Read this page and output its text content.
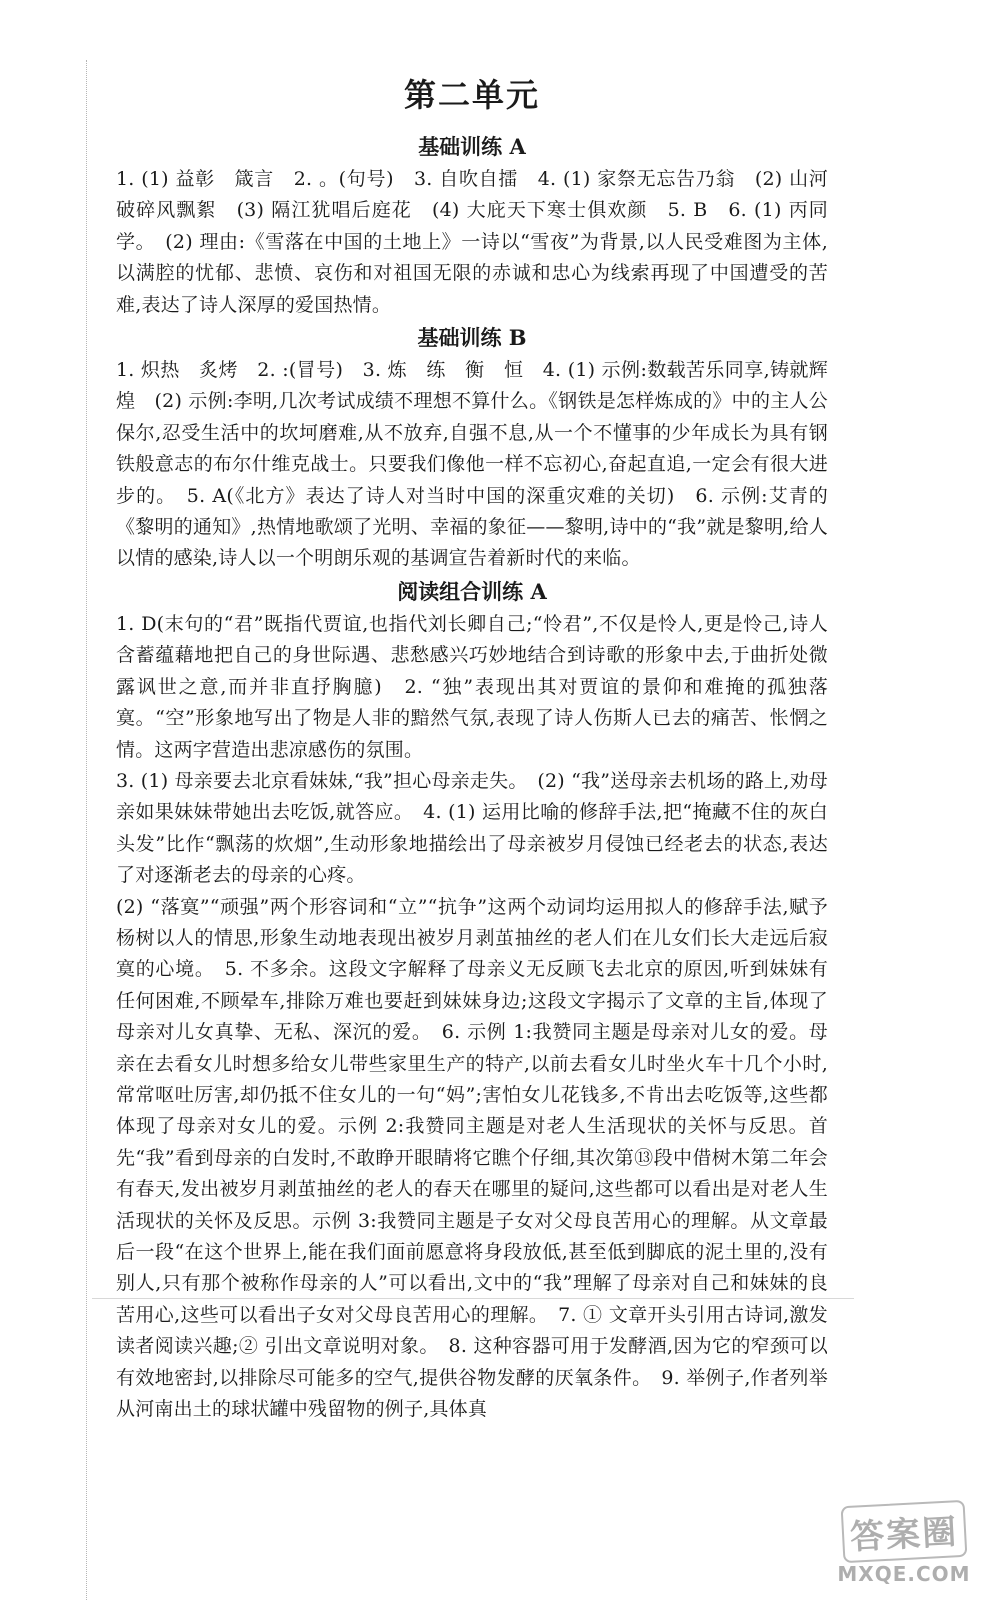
第二单元
基础训练 A

1. (1) 益彰　箴言　2. 。(句号)　3. 自吹自擂　4. (1) 家祭无忘告乃翁　(2) 山河破碎风飘絮　(3) 隔江犹唱后庭花　(4) 大庇天下寒士俱欢颜　5. B　6. (1) 丙同学。　(2) 理由:《雪落在中国的土地上》一诗以“雪夜”为背景,以人民受难图为主体,以满腔的忧郁、悲愤、哀伤和对祖国无限的赤诚和忠心为线索再现了中国遭受的苦难,表达了诗人深厚的爱国热情。

基础训练 B

1. 炽热　炙烤　2. :(冒号)　3. 炼　练　衡　恒　4. (1) 示例:数载苦乐同享,铸就辉煌　(2) 示例:李明,几次考试成绩不理想不算什么。《钢铁是怎样炼成的》中的主人公保尔,忍受生活中的坎坷磨难,从不放弃,自强不息,从一个不懂事的少年成长为具有钢铁般意志的布尔什维克战士。只要我们像他一样不忘初心,奋起直追,一定会有很大进步的。　5. A(《北方》表达了诗人对当时中国的深重灾难的关切)　6. 示例:艾青的《黎明的通知》,热情地歌颂了光明、幸福的象征——黎明,诗中的“我”就是黎明,给人以情的感染,诗人以一个明朗乐观的基调宣告着新时代的来临。

阅读组合训练 A

1. D(末句的“君”既指代贾谊,也指代刘长卿自己;“怜君”,不仅是怜人,更是怜己,诗人含蓄蕴藉地把自己的身世际遇、悲愁感兴巧妙地结合到诗歌的形象中去,于曲折处微露讽世之意,而并非直抒胸臆)　2. “独”表现出其对贾谊的景仰和难掩的孤独落寞。“空”形象地写出了物是人非的黯然气氛,表现了诗人伤斯人已去的痛苦、怅惘之情。这两字营造出悲凉感伤的氛围。

3. (1) 母亲要去北京看妹妹,“我”担心母亲走失。　(2) “我”送母亲去机场的路上,劝母亲如果妹妹带她出去吃饭,就答应。　4. (1) 运用比喻的修辞手法,把“掩藏不住的灰白头发”比作“飘荡的炊烟”,生动形象地描绘出了母亲被岁月侵蚀已经老去的状态,表达了对逐渐老去的母亲的心疼。

(2) “落寞”“顽强”两个形容词和“立”“抗争”这两个动词均运用拟人的修辞手法,赋予杨树以人的情思,形象生动地表现出被岁月剥茧抽丝的老人们在儿女们长大走远后寂寞的心境。　5. 不多余。这段文字解释了母亲义无反顾飞去北京的原因,听到妹妹有任何困难,不顾晕车,排除万难也要赶到妹妹身边;这段文字揭示了文章的主旨,体现了母亲对儿女真挚、无私、深沉的爱。　6. 示例 1:我赞同主题是母亲对儿女的爱。母亲在去看女儿时想多给女儿带些家里生产的特产,以前去看女儿时坐火车十几个小时,常常呕吐厉害,却仍抵不住女儿的一句“妈”;害怕女儿花钱多,不肯出去吃饭等,这些都体现了母亲对女儿的爱。示例 2:我赞同主题是对老人生活现状的关怀与反思。首先“我”看到母亲的白发时,不敢睁开眼睛将它瞧个仔细,其次第⑬段中借树木第二年会有春天,发出被岁月剥茧抽丝的老人的春天在哪里的疑问,这些都可以看出是对老人生活现状的关怀及反思。示例 3:我赞同主题是子女对父母良苦用心的理解。从文章最后一段“在这个世界上,能在我们面前愿意将身段放低,甚至低到脚底的泥土里的,没有别人,只有那个被称作母亲的人”可以看出,文中的“我”理解了母亲对自己和妹妹的良苦用心,这些可以看出子女对父母良苦用心的理解。　7. ① 文章开头引用古诗词,激发读者阅读兴趣;② 引出文章说明对象。　8. 这种容器可用于发酵酒,因为它的窄颈可以有效地密封,以排除尽可能多的空气,提供谷物发酵的厌氧条件。　9. 举例子,作者列举从河南出土的球状罐中残留物的例子,具体真

答案圈
MXQE.COM
